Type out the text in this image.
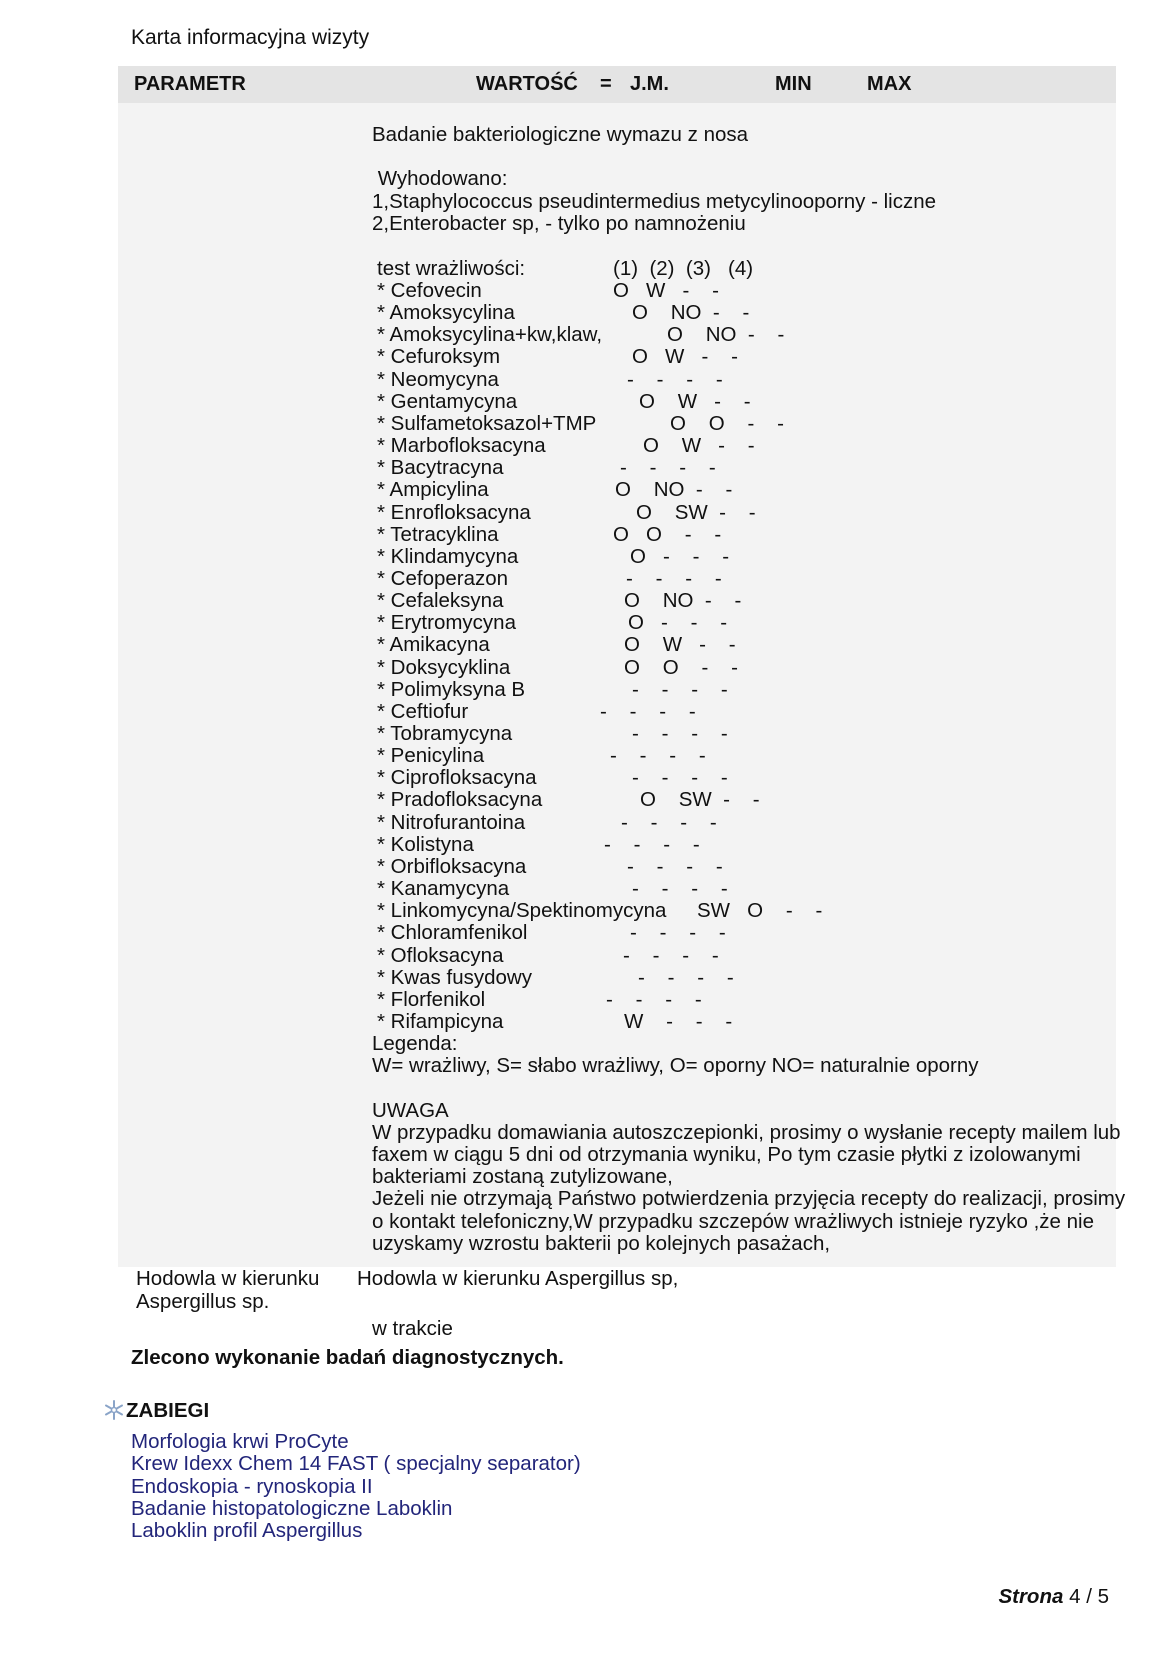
Karta informacyjna wizyty
PARAMETR	WARTOŚĆ = J.M.	MIN	MAX
Badanie bakteriologiczne wymazu z nosa
Wyhodowano:
1,Staphylococcus pseudintermedius metycylinooporny - liczne
2,Enterobacter sp, - tylko po namnożeniu
test wrażliwości:	(1)  (2)  (3)   (4)
* Cefovecin	O   W   -    -
* Amoksycylina	O    NO  -    -
* Amoksycylina+kw,klaw,	O    NO  -    -
* Cefuroksym	O   W   -    -
* Neomycyna	-    -    -    -
* Gentamycyna	O    W   -    -
* Sulfametoksazol+TMP	O    O    -    -
* Marbofloksacyna	O    W   -    -
* Bacytracyna	-    -    -    -
* Ampicylina	O    NO  -    -
* Enrofloksacyna	O    SW  -    -
* Tetracyklina	O   O    -    -
* Klindamycyna	O   -    -    -
* Cefoperazon	-    -    -    -
* Cefaleksyna	O    NO  -    -
* Erytromycyna	O   -    -    -
* Amikacyna	O    W   -    -
* Doksycyklina	O    O    -    -
* Polimyksyna B	-    -    -    -
* Ceftiofur	-    -    -    -
* Tobramycyna	-    -    -    -
* Penicylina	-    -    -    -
* Ciprofloksacyna	-    -    -    -
* Pradofloksacyna	O    SW  -    -
* Nitrofurantoina	-    -    -    -
* Kolistyna	-    -    -    -
* Orbifloksacyna	-    -    -    -
* Kanamycyna	-    -    -    -
* Linkomycyna/Spektinomycyna SW   O    -    -
* Chloramfenikol	-    -    -    -
* Ofloksacyna	-    -    -    -
* Kwas fusydowy	-    -    -    -
* Florfenikol	-    -    -    -
* Rifampicyna	W    -    -    -
Legenda:
W= wrażliwy, S= słabo wrażliwy, O= oporny NO= naturalnie oporny
UWAGA
W przypadku domawiania autoszczepionki, prosimy o wysłanie recepty mailem lub
faxem w ciągu 5 dni od otrzymania wyniku, Po tym czasie płytki z izolowanymi
bakteriami zostaną zutylizowane,
Jeżeli nie otrzymają Państwo potwierdzenia przyjęcia recepty do realizacji, prosimy
o kontakt telefoniczny,W przypadku szczepów wrażliwych istnieje ryzyko ,że nie
uzyskamy wzrostu bakterii po kolejnych pasażach,
Hodowla w kierunku
Aspergillus sp.
Hodowla w kierunku Aspergillus sp,
w trakcie
Zlecono wykonanie badań diagnostycznych.
ZABIEGI
Morfologia krwi ProCyte
Krew Idexx Chem 14 FAST ( specjalny separator)
Endoskopia - rynoskopia II
Badanie histopatologiczne Laboklin
Laboklin profil Aspergillus
Strona 4 / 5
